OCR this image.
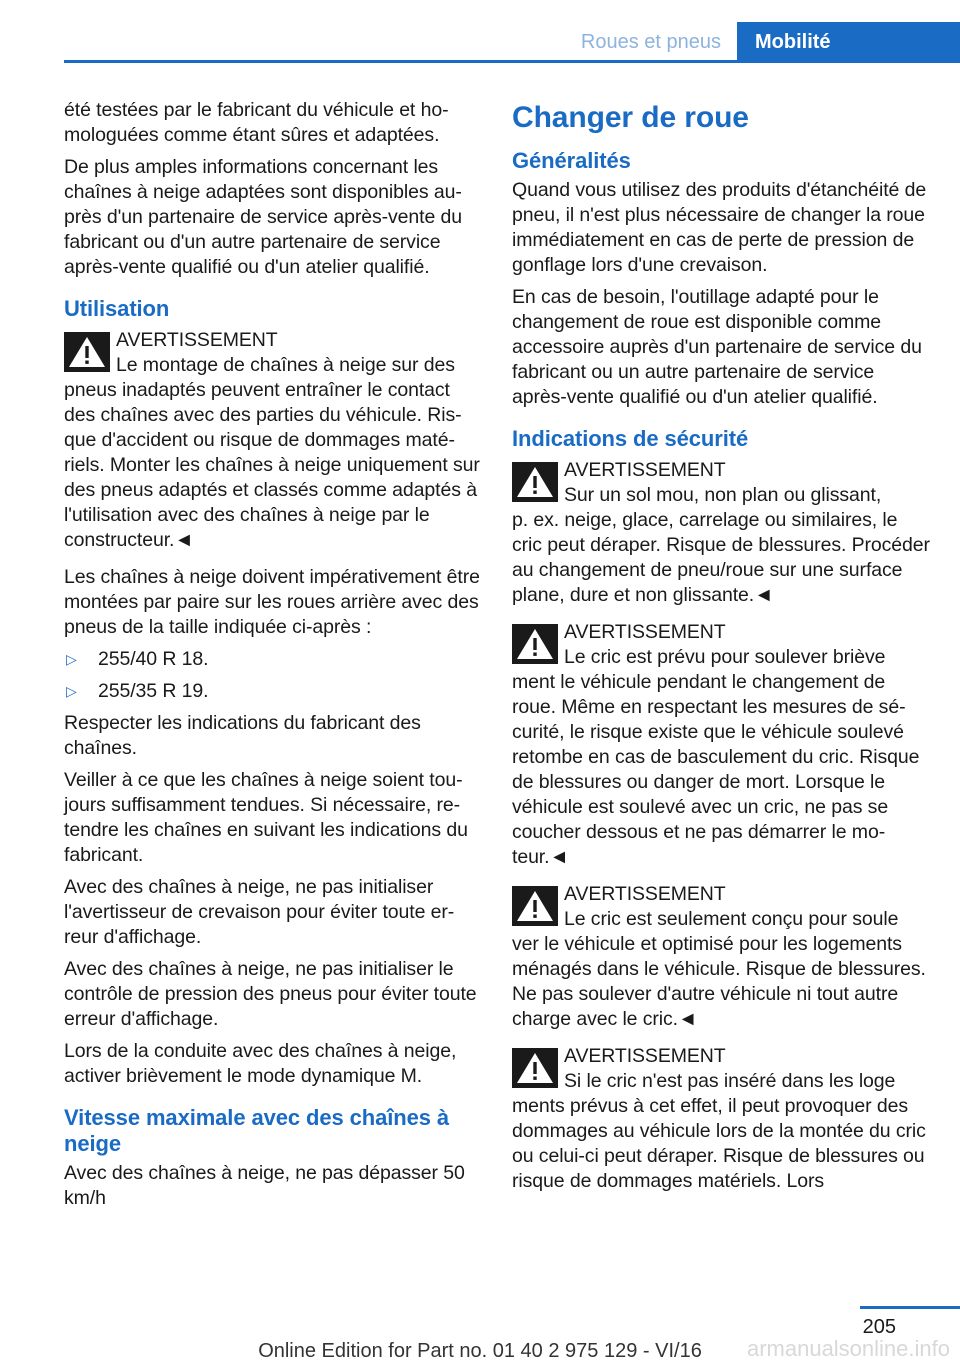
Roues et pneus	Mobilité

été testées par le fabricant du véhicule et homologuées comme étant sûres et adaptées.

De plus amples informations concernant les chaînes à neige adaptées sont disponibles auprès d'un partenaire de service après-vente du fabricant ou d'un autre partenaire de service après-vente qualifié ou d'un atelier qualifié.

Utilisation
AVERTISSEMENT
Le montage de chaînes à neige sur des
pneus inadaptés peuvent entraîner le contact des chaînes avec des parties du véhicule. Risque d'accident ou risque de dommages matériels. Monter les chaînes à neige uniquement sur des pneus adaptés et classés comme adaptés à l'utilisation avec des chaînes à neige par le constructeur.◄

Les chaînes à neige doivent impérativement être montées par paire sur les roues arrière avec des pneus de la taille indiquée ci-après :

▷ 255/40 R 18.
▷ 255/35 R 19.

Respecter les indications du fabricant des chaînes.

Veiller à ce que les chaînes à neige soient toujours suffisamment tendues. Si nécessaire, retendre les chaînes en suivant les indications du fabricant.

Avec des chaînes à neige, ne pas initialiser l'avertisseur de crevaison pour éviter toute erreur d'affichage.

Avec des chaînes à neige, ne pas initialiser le contrôle de pression des pneus pour éviter toute erreur d'affichage.

Lors de la conduite avec des chaînes à neige, activer brièvement le mode dynamique M.

Vitesse maximale avec des chaînes à neige

Avec des chaînes à neige, ne pas dépasser 50 km/h

Changer de roue
Généralités

Quand vous utilisez des produits d'étanchéité de pneu, il n'est plus nécessaire de changer la roue immédiatement en cas de perte de pression de gonflage lors d'une crevaison.

En cas de besoin, l'outillage adapté pour le changement de roue est disponible comme accessoire auprès d'un partenaire de service du fabricant ou un autre partenaire de service après-vente qualifié ou d'un atelier qualifié.

Indications de sécurité
AVERTISSEMENT
Sur un sol mou, non plan ou glissant,
p. ex. neige, glace, carrelage ou similaires, le cric peut déraper. Risque de blessures. Procéder au changement de pneu/roue sur une surface plane, dure et non glissante.◄
AVERTISSEMENT
Le cric est prévu pour soulever briève
ment le véhicule pendant le changement de roue. Même en respectant les mesures de sécurité, le risque existe que le véhicule soulevé retombe en cas de basculement du cric. Risque de blessures ou danger de mort. Lorsque le véhicule est soulevé avec un cric, ne pas se coucher dessous et ne pas démarrer le moteur.◄
AVERTISSEMENT
Le cric est seulement conçu pour soule
ver le véhicule et optimisé pour les logements ménagés dans le véhicule. Risque de blessures. Ne pas soulever d'autre véhicule ni tout autre charge avec le cric.◄
AVERTISSEMENT
Si le cric n'est pas inséré dans les loge
ments prévus à cet effet, il peut provoquer des dommages au véhicule lors de la montée du cric ou celui-ci peut déraper. Risque de blessures ou risque de dommages matériels. Lors
205
Online Edition for Part no. 01 40 2 975 129 - VI/16	armanualsonline.info
